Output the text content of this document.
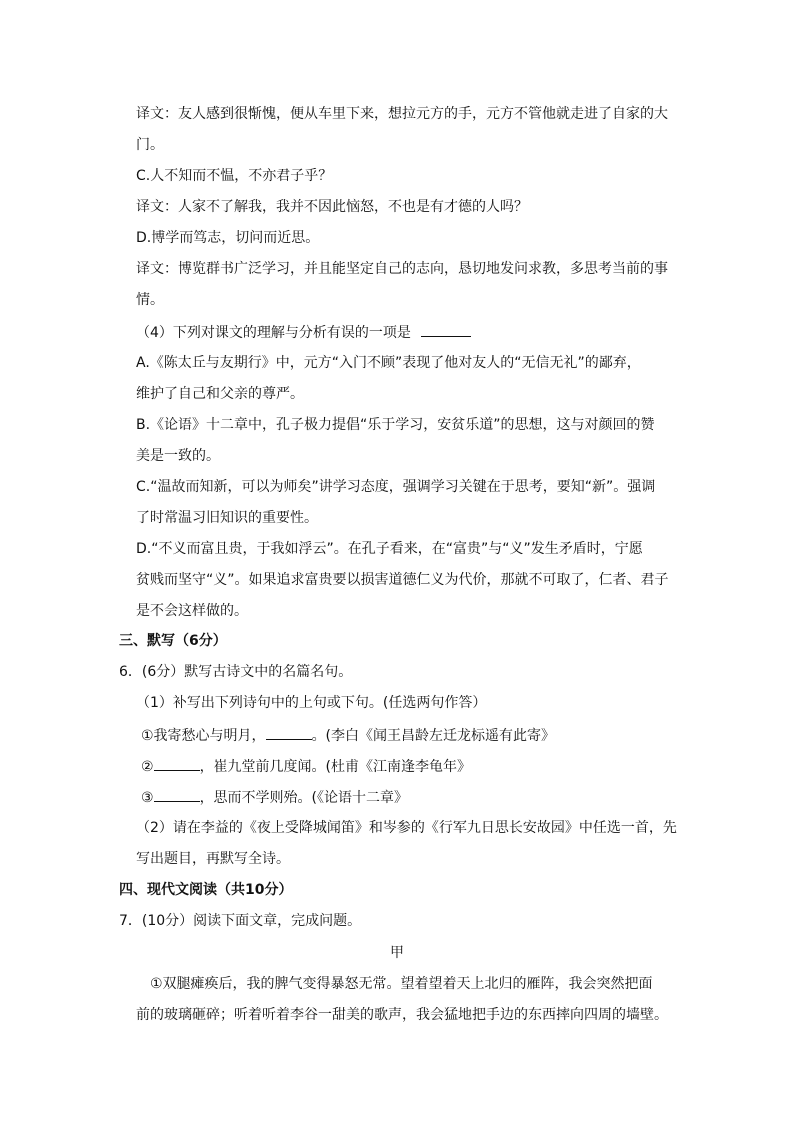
译文：友人感到很惭愧，便从车里下来，想拉元方的手，元方不管他就走进了自家的大
门。
C.人不知而不愠，不亦君子乎？
译文：人家不了解我，我并不因此恼怒，不也是有才德的人吗？
D.博学而笃志，切问而近思。
译文：博览群书广泛学习，并且能坚定自己的志向，恳切地发问求教，多思考当前的事
情。
（4）下列对课文的理解与分析有误的一项是
A.《陈太丘与友期行》中，元方“入门不顾”表现了他对友人的“无信无礼”的鄙弃，
维护了自己和父亲的尊严。
B.《论语》十二章中，孔子极力提倡“乐于学习，安贫乐道”的思想，这与对颜回的赞
美是一致的。
C.“温故而知新，可以为师矣”讲学习态度，强调学习关键在于思考，要知“新”。强调
了时常温习旧知识的重要性。
D.“不义而富且贵，于我如浮云”。在孔子看来，在“富贵”与“义”发生矛盾时，宁愿
贫贱而坚守“义”。如果追求富贵要以损害道德仁义为代价，那就不可取了，仁者、君子
是不会这样做的。
三、默写（6分）
6．(6分）默写古诗文中的名篇名句。
（1）补写出下列诗句中的上句或下句。(任选两句作答）
①我寄愁心与明月，	。(李白《闻王昌龄左迁龙标遥有此寄》
②	，崔九堂前几度闻。(杜甫《江南逢李龟年》
③	，思而不学则殆。(《论语十二章》
（2）请在李益的《夜上受降城闻笛》和岑参的《行军九日思长安故园》中任选一首，先
写出题目，再默写全诗。
四、现代文阅读（共10分）
7．(10分）阅读下面文章，完成问题。
甲
①双腿瘫痪后，我的脾气变得暴怒无常。望着望着天上北归的雁阵，我会突然把面
前的玻璃砸碎；听着听着李谷一甜美的歌声，我会猛地把手边的东西摔向四周的墙壁。
